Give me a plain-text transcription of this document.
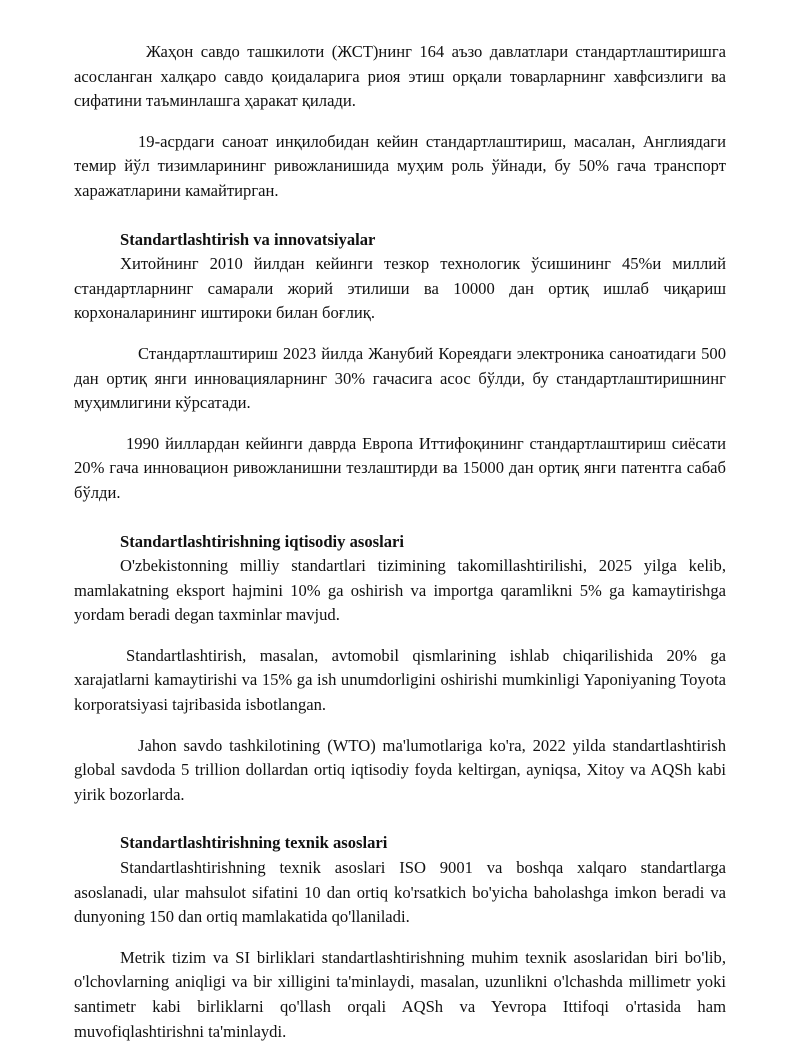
Жаҳон савдо ташкилоти (ЖСТ)нинг 164 аъзо давлатлари стандартлаштиришга асосланган халқаро савдо қоидаларига риоя этиш орқали товарларнинг хавфсизлиги ва сифатини таъминлашга ҳаракат қилади.

19-асрдаги саноат инқилобидан кейин стандартлаштириш, масалан, Англиядаги темир йўл тизимларининг ривожланишида муҳим роль ўйнади, бу 50% гача транспорт харажатларини камайтирган.

Standartlashtirish va innovatsiyalar

Хитойнинг 2010 йилдан кейинги тезкор технологик ўсишининг 45%и миллий стандартларнинг самарали жорий этилиши ва 10000 дан ортиқ ишлаб чиқариш корхоналарининг иштироки билан боғлиқ.

Стандартлаштириш 2023 йилда Жанубий Кореядаги электроника саноатидаги 500 дан ортиқ янги инновацияларнинг 30% гачасига асос бўлди, бу стандартлаштиришнинг муҳимлигини кўрсатади.

1990 йиллардан кейинги даврда Европа Иттифоқининг стандартлаштириш сиёсати 20% гача инновацион ривожланишни тезлаштирди ва 15000 дан ортиқ янги патентга сабаб бўлди.

Standartlashtirishning iqtisodiy asoslari

O'zbekistonning milliy standartlari tizimining takomillashtirilishi, 2025 yilga kelib, mamlakatning eksport hajmini 10% ga oshirish va importga qaramlikni 5% ga kamaytirishga yordam beradi degan taxminlar mavjud.

Standartlashtirish, masalan, avtomobil qismlarining ishlab chiqarilishida 20% ga xarajatlarni kamaytirishi va 15% ga ish unumdorligini oshirishi mumkinligi Yaponiyaning Toyota korporatsiyasi tajribasida isbotlangan.

Jahon savdo tashkilotining (WTO) ma'lumotlariga ko'ra, 2022 yilda standartlashtirish global savdoda 5 trillion dollardan ortiq iqtisodiy foyda keltirgan, ayniqsa, Xitoy va AQSh kabi yirik bozorlarda.

Standartlashtirishning texnik asoslari

Standartlashtirishning texnik asoslari ISO 9001 va boshqa xalqaro standartlarga asoslanadi, ular mahsulot sifatini 10 dan ortiq ko'rsatkich bo'yicha baholashga imkon beradi va dunyoning 150 dan ortiq mamlakatida qo'llaniladi.

Metrik tizim va SI birliklari standartlashtirishning muhim texnik asoslaridan biri bo'lib, o'lchovlarning aniqligi va bir xilligini ta'minlaydi, masalan, uzunlikni o'lchashda millimetr yoki santimetr kabi birliklarni qo'llash orqali AQSh va Yevropa Ittifoqi o'rtasida ham muvofiqlashtirishni ta'minlaydi.
